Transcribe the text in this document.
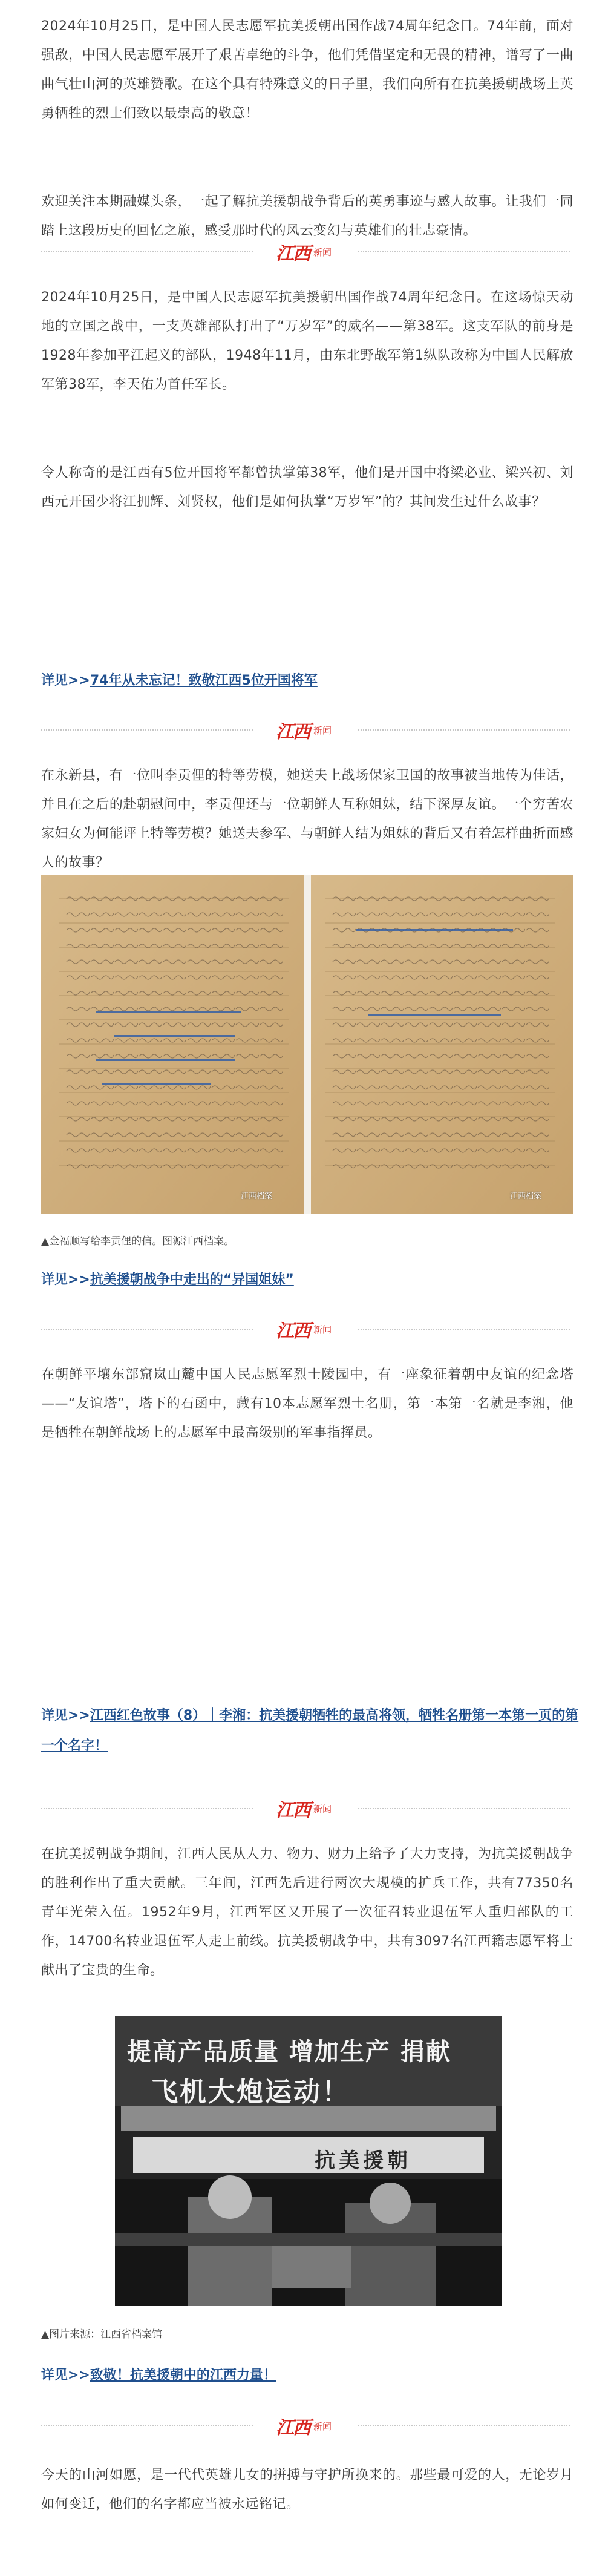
2024年10月25日，是中国人民志愿军抗美援朝出国作战74周年纪念日。74年前，面对强敌，中国人民志愿军展开了艰苦卓绝的斗争，他们凭借坚定和无畏的精神，谱写了一曲曲气壮山河的英雄赞歌。在这个具有特殊意义的日子里，我们向所有在抗美援朝战场上英勇牺牲的烈士们致以最崇高的敬意！

欢迎关注本期融媒头条，一起了解抗美援朝战争背后的英勇事迹与感人故事。让我们一同踏上这段历史的回忆之旅，感受那时代的风云变幻与英雄们的壮志豪情。

江西 新闻

2024年10月25日，是中国人民志愿军抗美援朝出国作战74周年纪念日。在这场惊天动地的立国之战中，一支英雄部队打出了“万岁军”的威名——第38军。这支军队的前身是1928年参加平江起义的部队，1948年11月，由东北野战军第1纵队改称为中国人民解放军第38军，李天佑为首任军长。

令人称奇的是江西有5位开国将军都曾执掌第38军，他们是开国中将梁必业、梁兴初、刘西元开国少将江拥辉、刘贤权，他们是如何执掌“万岁军”的？其间发生过什么故事？

详见>>74年从未忘记！致敬江西5位开国将军

江西 新闻

在永新县，有一位叫李贡俚的特等劳模，她送夫上战场保家卫国的故事被当地传为佳话，并且在之后的赴朝慰问中，李贡俚还与一位朝鲜人互称姐妹，结下深厚友谊。一个穷苦农家妇女为何能评上特等劳模？她送夫参军、与朝鲜人结为姐妹的背后又有着怎样曲折而感人的故事？

江西档案	江西档案

▲金福顺写给李贡俚的信。图源江西档案。

详见>>抗美援朝战争中走出的“异国姐妹”

江西 新闻

在朝鲜平壤东部窟岚山麓中国人民志愿军烈士陵园中，有一座象征着朝中友谊的纪念塔——“友谊塔”，塔下的石函中，藏有10本志愿军烈士名册，第一本第一名就是李湘，他是牺牲在朝鲜战场上的志愿军中最高级别的军事指挥员。

详见>>江西红色故事（8）｜李湘：抗美援朝牺牲的最高将领，牺牲名册第一本第一页的第一个名字！

江西 新闻

在抗美援朝战争期间，江西人民从人力、物力、财力上给予了大力支持，为抗美援朝战争的胜利作出了重大贡献。三年间，江西先后进行两次大规模的扩兵工作，共有77350名青年光荣入伍。1952年9月，江西军区又开展了一次征召转业退伍军人重归部队的工作，14700名转业退伍军人走上前线。抗美援朝战争中，共有3097名江西籍志愿军将士献出了宝贵的生命。

提高产品质量 增加生产 捐献
飞机大炮运动！
抗美援朝

▲图片来源：江西省档案馆

详见>>致敬！抗美援朝中的江西力量！

江西 新闻

今天的山河如愿，是一代代英雄儿女的拼搏与守护所换来的。那些最可爱的人，无论岁月如何变迁，他们的名字都应当被永远铭记。
